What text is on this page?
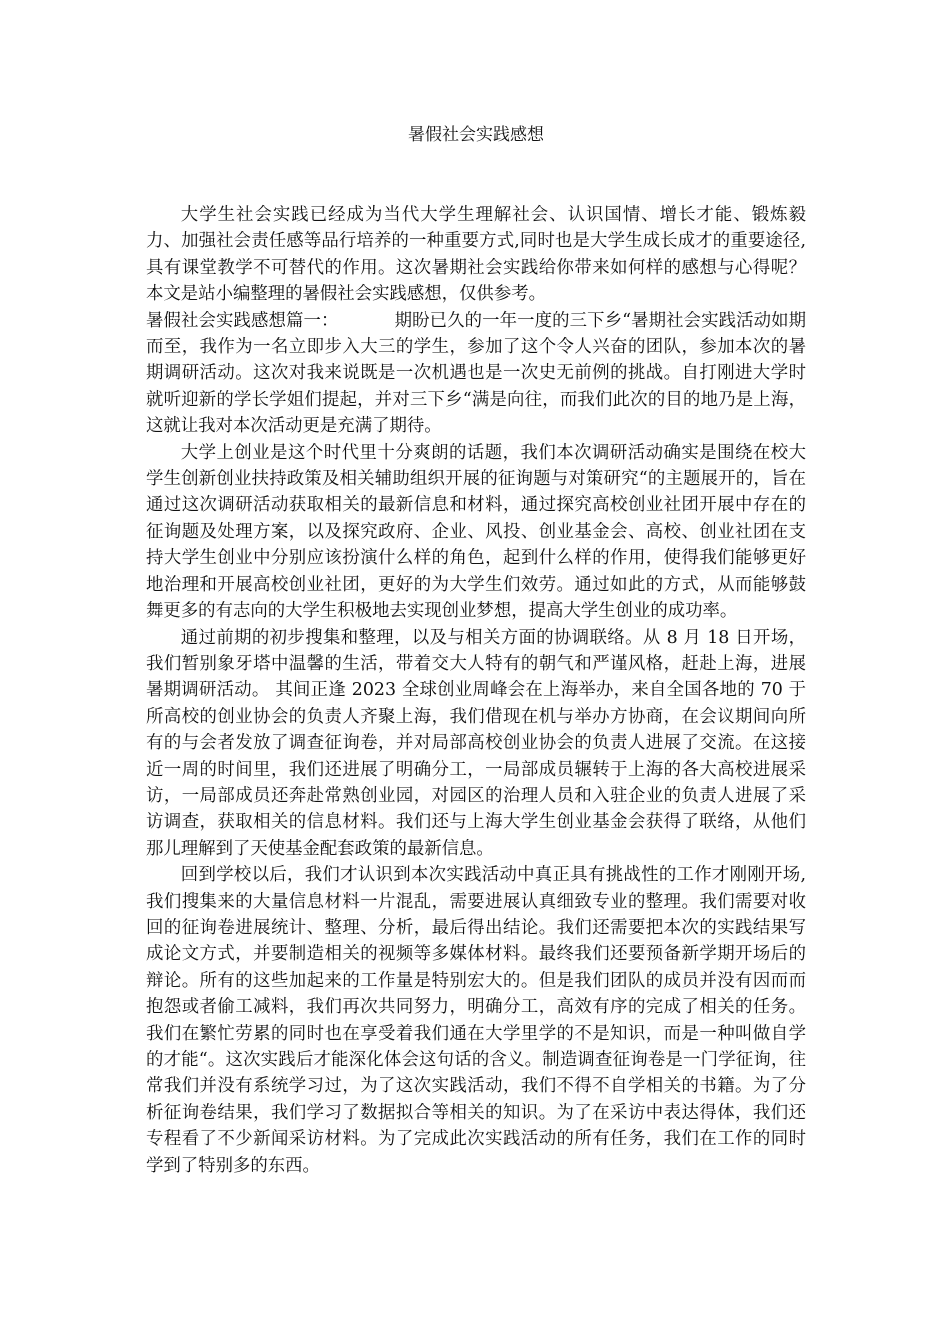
暑假社会实践感想

大学生社会实践已经成为当代大学生理解社会、认识国情、增长才能、锻炼毅力、加强社会责任感等品行培养的一种重要方式,同时也是大学生成长成才的重要途径,具有课堂教学不可替代的作用。这次暑期社会实践给你带来如何样的感想与心得呢？本文是站小编整理的暑假社会实践感想，仅供参考。

暑假社会实践感想篇一：	期盼已久的一年一度的三下乡“暑期社会实践活动如期而至，我作为一名立即步入大三的学生，参加了这个令人兴奋的团队，参加本次的暑期调研活动。这次对我来说既是一次机遇也是一次史无前例的挑战。自打刚进大学时就听迎新的学长学姐们提起，并对三下乡“满是向往，而我们此次的目的地乃是上海，这就让我对本次活动更是充满了期待。

大学上创业是这个时代里十分爽朗的话题，我们本次调研活动确实是围绕在校大学生创新创业扶持政策及相关辅助组织开展的征询题与对策研究“的主题展开的，旨在通过这次调研活动获取相关的最新信息和材料，通过探究高校创业社团开展中存在的征询题及处理方案，以及探究政府、企业、风投、创业基金会、高校、创业社团在支持大学生创业中分别应该扮演什么样的角色，起到什么样的作用，使得我们能够更好地治理和开展高校创业社团，更好的为大学生们效劳。通过如此的方式，从而能够鼓舞更多的有志向的大学生积极地去实现创业梦想，提高大学生创业的成功率。

通过前期的初步搜集和整理，以及与相关方面的协调联络。从 8 月 18 日开场，我们暂别象牙塔中温馨的生活，带着交大人特有的朝气和严谨风格，赶赴上海，进展暑期调研活动。 其间正逢 2023 全球创业周峰会在上海举办，来自全国各地的 70 于所高校的创业协会的负责人齐聚上海，我们借现在机与举办方协商，在会议期间向所有的与会者发放了调查征询卷，并对局部高校创业协会的负责人进展了交流。在这接近一周的时间里，我们还进展了明确分工，一局部成员辗转于上海的各大高校进展采访，一局部成员还奔赴常熟创业园，对园区的治理人员和入驻企业的负责人进展了采访调查，获取相关的信息材料。我们还与上海大学生创业基金会获得了联络，从他们那儿理解到了天使基金配套政策的最新信息。

回到学校以后，我们才认识到本次实践活动中真正具有挑战性的工作才刚刚开场,我们搜集来的大量信息材料一片混乱，需要进展认真细致专业的整理。我们需要对收回的征询卷进展统计、整理、分析，最后得出结论。我们还需要把本次的实践结果写成论文方式，并要制造相关的视频等多媒体材料。最终我们还要预备新学期开场后的辩论。所有的这些加起来的工作量是特别宏大的。但是我们团队的成员并没有因而而抱怨或者偷工减料，我们再次共同努力，明确分工，高效有序的完成了相关的任务。我们在繁忙劳累的同时也在享受着我们通在大学里学的不是知识，而是一种叫做自学的才能“。这次实践后才能深化体会这句话的含义。制造调查征询卷是一门学征询，往常我们并没有系统学习过，为了这次实践活动，我们不得不自学相关的书籍。为了分析征询卷结果，我们学习了数据拟合等相关的知识。为了在采访中表达得体，我们还专程看了不少新闻采访材料。为了完成此次实践活动的所有任务，我们在工作的同时学到了特别多的东西。
